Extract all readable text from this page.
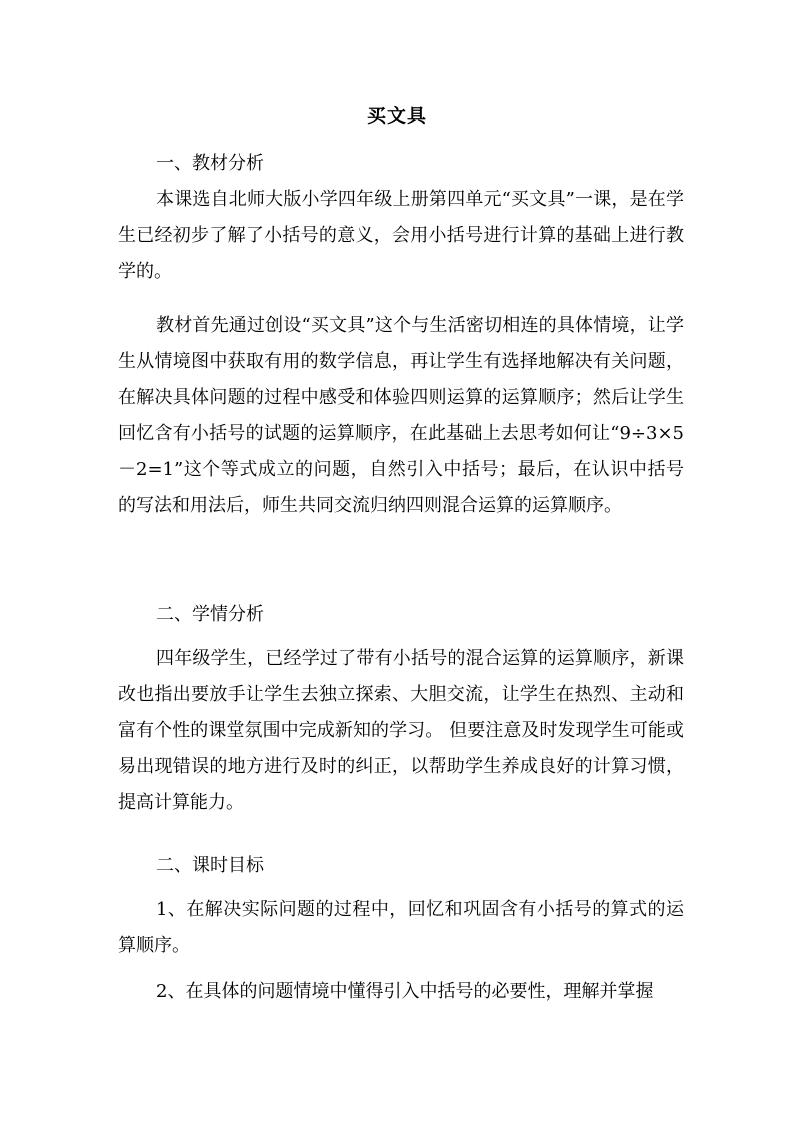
买文具

一、教材分析

本课选自北师大版小学四年级上册第四单元“买文具”一课，是在学生已经初步了解了小括号的意义，会用小括号进行计算的基础上进行教学的。

教材首先通过创设“买文具”这个与生活密切相连的具体情境，让学生从情境图中获取有用的数学信息，再让学生有选择地解决有关问题，在解决具体问题的过程中感受和体验四则运算的运算顺序；然后让学生回忆含有小括号的试题的运算顺序，在此基础上去思考如何让“9÷3×5－2=1”这个等式成立的问题，自然引入中括号；最后，在认识中括号的写法和用法后，师生共同交流归纳四则混合运算的运算顺序。

二、学情分析

四年级学生，已经学过了带有小括号的混合运算的运算顺序，新课改也指出要放手让学生去独立探索、大胆交流，让学生在热烈、主动和富有个性的课堂氛围中完成新知的学习。 但要注意及时发现学生可能或易出现错误的地方进行及时的纠正，以帮助学生养成良好的计算习惯，提高计算能力。

二、课时目标

1、在解决实际问题的过程中，回忆和巩固含有小括号的算式的运算顺序。

2、在具体的问题情境中懂得引入中括号的必要性，理解并掌握
